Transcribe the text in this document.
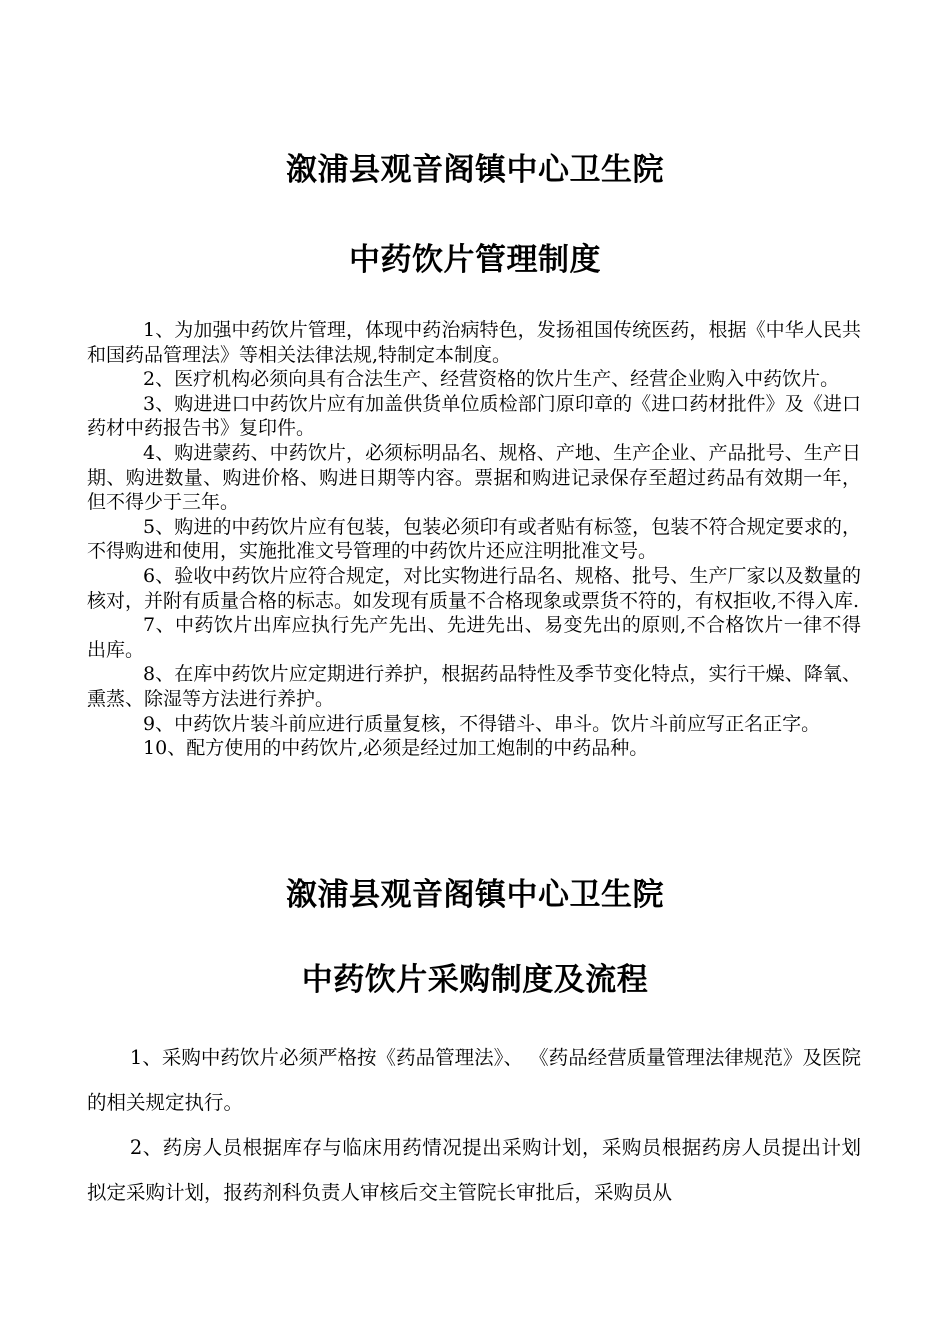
溆浦县观音阁镇中心卫生院
中药饮片管理制度

1、为加强中药饮片管理，体现中药治病特色，发扬祖国传统医药，根据《中华人民共和国药品管理法》等相关法律法规,特制定本制度。

2、医疗机构必须向具有合法生产、经营资格的饮片生产、经营企业购入中药饮片。

3、购进进口中药饮片应有加盖供货单位质检部门原印章的《进口药材批件》及《进口药材中药报告书》复印件。

4、购进蒙药、中药饮片，必须标明品名、规格、产地、生产企业、产品批号、生产日期、购进数量、购进价格、购进日期等内容。票据和购进记录保存至超过药品有效期一年，但不得少于三年。

5、购进的中药饮片应有包装，包装必须印有或者贴有标签，包装不符合规定要求的，不得购进和使用，实施批准文号管理的中药饮片还应注明批准文号。

6、验收中药饮片应符合规定，对比实物进行品名、规格、批号、生产厂家以及数量的核对，并附有质量合格的标志。如发现有质量不合格现象或票货不符的，有权拒收,不得入库.

7、中药饮片出库应执行先产先出、先进先出、易变先出的原则,不合格饮片一律不得出库。

8、在库中药饮片应定期进行养护，根据药品特性及季节变化特点，实行干燥、降氧、熏蒸、除湿等方法进行养护。

9、中药饮片装斗前应进行质量复核，不得错斗、串斗。饮片斗前应写正名正字。

10、配方使用的中药饮片,必须是经过加工炮制的中药品种。

溆浦县观音阁镇中心卫生院
中药饮片采购制度及流程

1、采购中药饮片必须严格按《药品管理法》、 《药品经营质量管理法律规范》及医院的相关规定执行。

2、药房人员根据库存与临床用药情况提出采购计划，采购员根据药房人员提出计划拟定采购计划，报药剂科负责人审核后交主管院长审批后，采购员从
